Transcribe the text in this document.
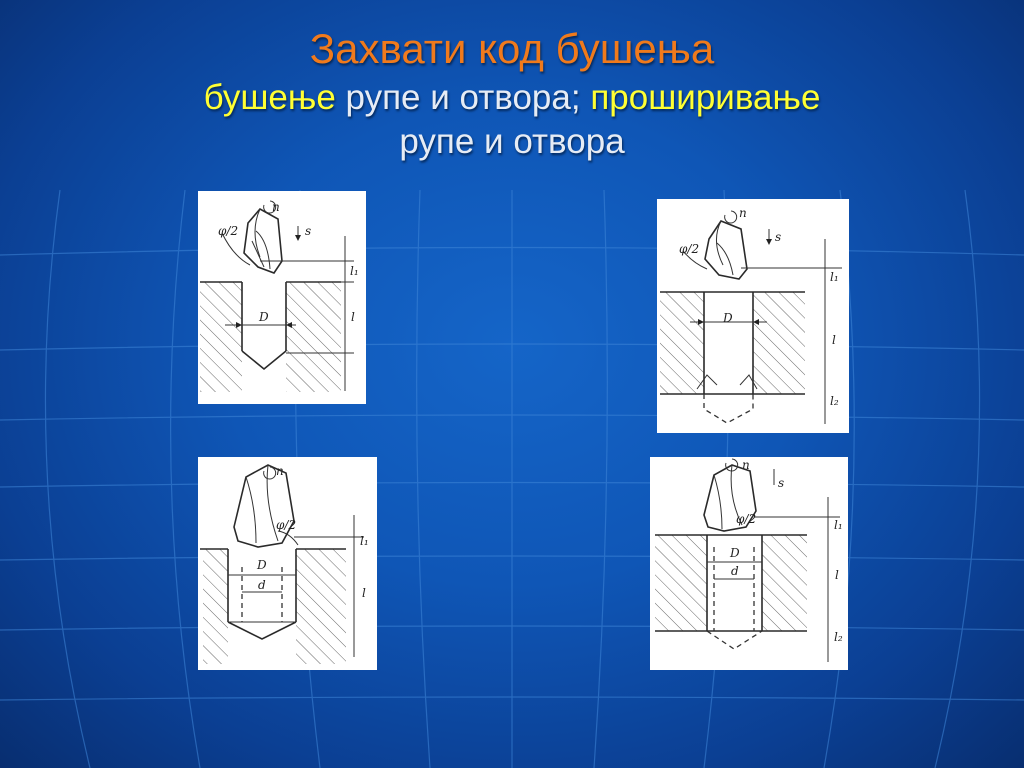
Захвати код бушења
бушење рупе и отвора; проширивање
рупе и отвора
n
s
φ/2
l₁
l
D
n
s
φ/2
l₁
l
l₂
D
n
φ/2
l₁
l
D
d
n
s
φ/2	l₁
l
l₂
D
d
